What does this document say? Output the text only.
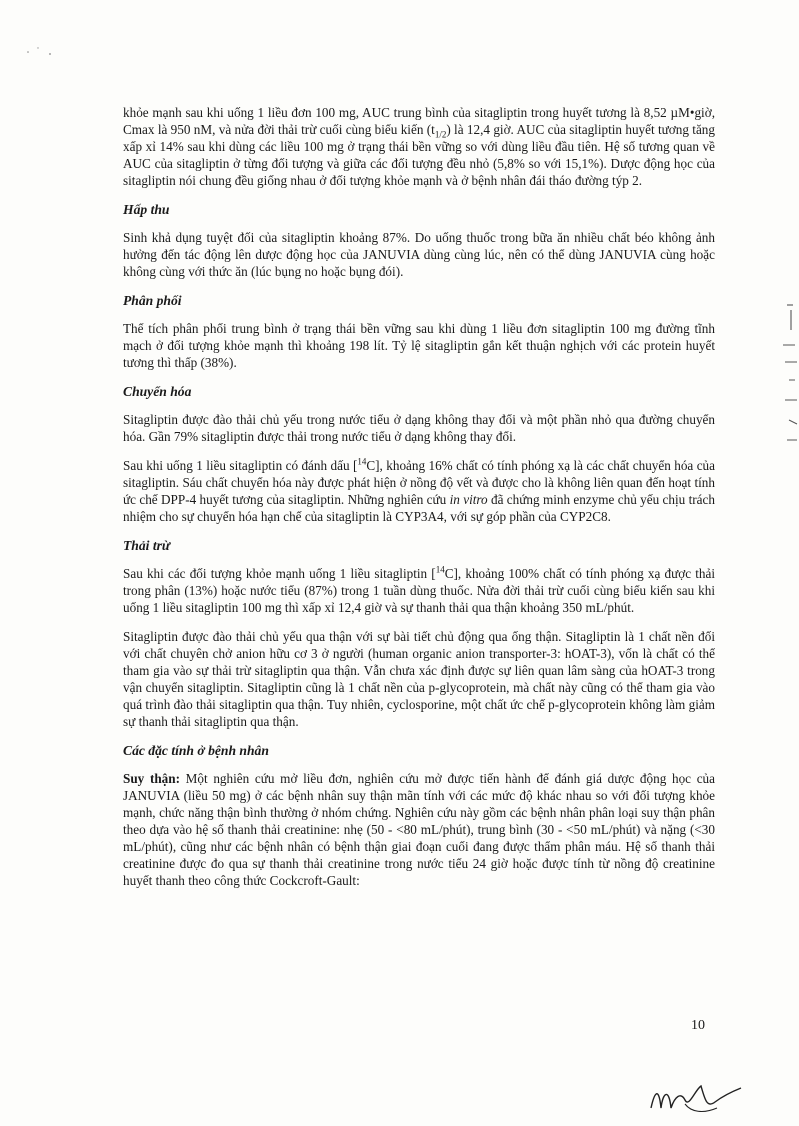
khỏe mạnh sau khi uống 1 liều đơn 100 mg, AUC trung bình của sitagliptin trong huyết tương là 8,52 µM•giờ, Cmax là 950 nM, và nửa đời thải trừ cuối cùng biểu kiến $(t_{1/2})$ là 12,4 giờ. AUC của sitagliptin huyết tương tăng xấp xỉ 14% sau khi dùng các liều 100 mg ở trạng thái bền vững so với dùng liều đầu tiên. Hệ số tương quan về AUC của sitagliptin ở từng đối tượng và giữa các đối tượng đều nhỏ (5,8% so với 15,1%). Dược động học của sitagliptin nói chung đều giống nhau ở đối tượng khỏe mạnh và ở bệnh nhân đái tháo đường týp 2.

Hấp thu

Sinh khả dụng tuyệt đối của sitagliptin khoảng 87%. Do uống thuốc trong bữa ăn nhiều chất béo không ảnh hưởng đến tác động lên dược động học của JANUVIA dùng cùng lúc, nên có thể dùng JANUVIA cùng hoặc không cùng với thức ăn (lúc bụng no hoặc bụng đói).

Phân phối

Thể tích phân phối trung bình ở trạng thái bền vững sau khi dùng 1 liều đơn sitagliptin 100 mg đường tĩnh mạch ở đối tượng khỏe mạnh thì khoảng 198 lít. Tỷ lệ sitagliptin gắn kết thuận nghịch với các protein huyết tương thì thấp (38%).

Chuyển hóa

Sitagliptin được đào thải chủ yếu trong nước tiểu ở dạng không thay đổi và một phần nhỏ qua đường chuyển hóa. Gần 79% sitagliptin được thải trong nước tiểu ở dạng không thay đổi.

Sau khi uống 1 liều sitagliptin có đánh dấu [$^{14}$C], khoảng 16% chất có tính phóng xạ là các chất chuyển hóa của sitagliptin. Sáu chất chuyển hóa này được phát hiện ở nồng độ vết và được cho là không liên quan đến hoạt tính ức chế DPP-4 huyết tương của sitagliptin. Những nghiên cứu in vitro đã chứng minh enzyme chủ yếu chịu trách nhiệm cho sự chuyển hóa hạn chế của sitagliptin là CYP3A4, với sự góp phần của CYP2C8.

Thải trừ

Sau khi các đối tượng khỏe mạnh uống 1 liều sitagliptin [$^{14}$C], khoảng 100% chất có tính phóng xạ được thải trong phân (13%) hoặc nước tiểu (87%) trong 1 tuần dùng thuốc. Nửa đời thải trừ cuối cùng biểu kiến sau khi uống 1 liều sitagliptin 100 mg thì xấp xỉ 12,4 giờ và sự thanh thải qua thận khoảng 350 mL/phút.

Sitagliptin được đào thải chủ yếu qua thận với sự bài tiết chủ động qua ống thận. Sitagliptin là 1 chất nền đối với chất chuyên chở anion hữu cơ 3 ở người (human organic anion transporter-3: hOAT-3), vốn là chất có thể tham gia vào sự thải trừ sitagliptin qua thận. Vẫn chưa xác định được sự liên quan lâm sàng của hOAT-3 trong vận chuyển sitagliptin. Sitagliptin cũng là 1 chất nền của p-glycoprotein, mà chất này cũng có thể tham gia vào quá trình đào thải sitagliptin qua thận. Tuy nhiên, cyclosporine, một chất ức chế p-glycoprotein không làm giảm sự thanh thải sitagliptin qua thận.

Các đặc tính ở bệnh nhân

Suy thận: Một nghiên cứu mở liều đơn, nghiên cứu mở được tiến hành để đánh giá dược động học của JANUVIA (liều 50 mg) ở các bệnh nhân suy thận mãn tính với các mức độ khác nhau so với đối tượng khỏe mạnh, chức năng thận bình thường ở nhóm chứng. Nghiên cứu này gồm các bệnh nhân phân loại suy thận phân theo dựa vào hệ số thanh thải creatinine: nhẹ (50 - <80 mL/phút), trung bình (30 - <50 mL/phút) và nặng (<30 mL/phút), cũng như các bệnh nhân có bệnh thận giai đoạn cuối đang được thẩm phân máu. Hệ số thanh thải creatinine được đo qua sự thanh thải creatinine trong nước tiểu 24 giờ hoặc được tính từ nồng độ creatinine huyết thanh theo công thức Cockcroft-Gault:

10
